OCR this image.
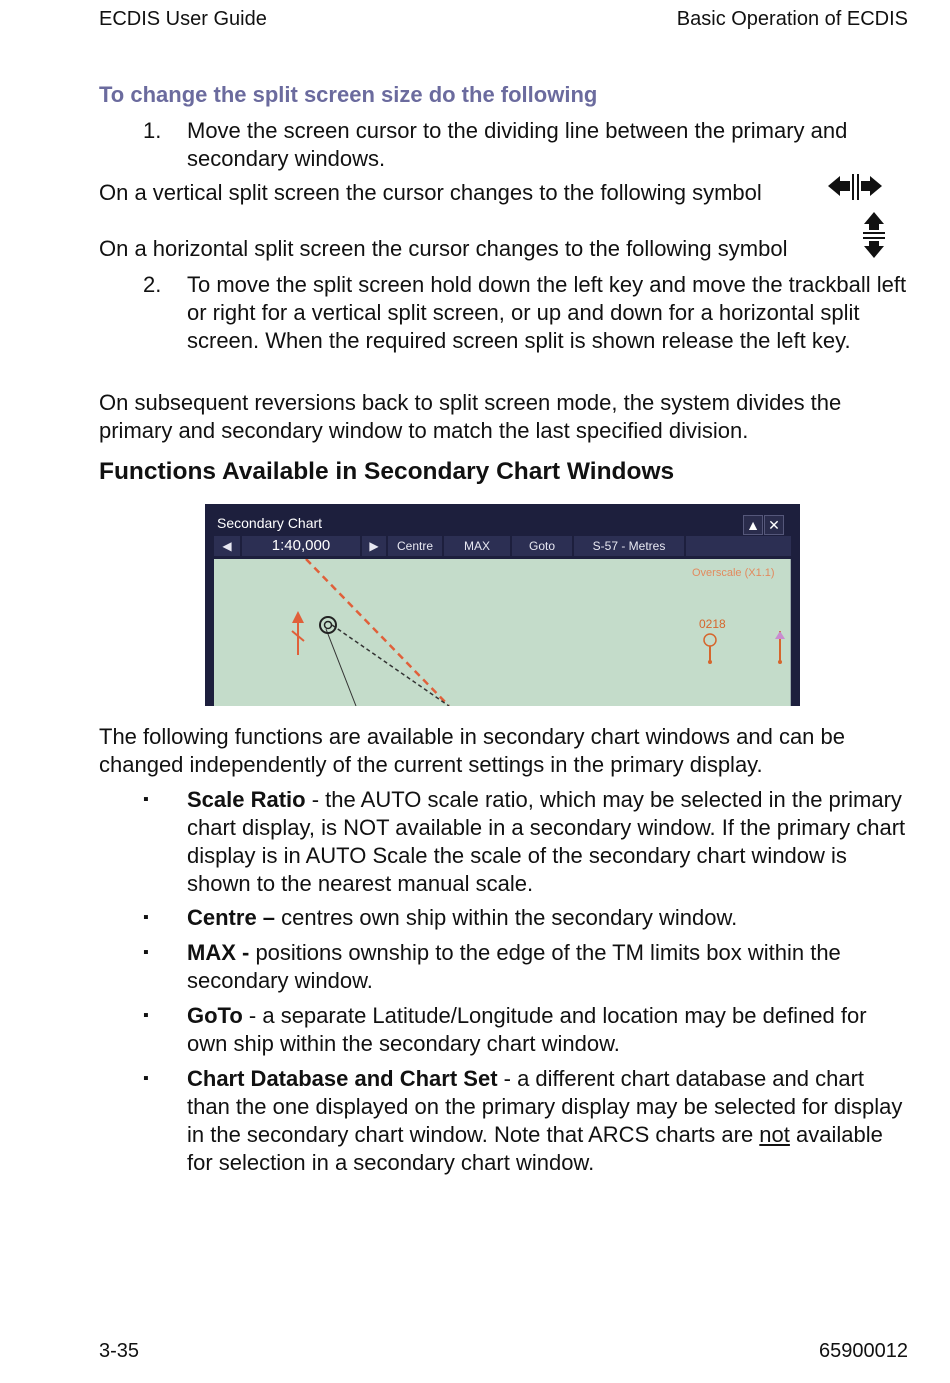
ECDIS User Guide	Basic Operation of ECDIS
To change the split screen size do the following
1.	Move the screen cursor to the dividing line between the primary and secondary windows.
On a vertical split screen the cursor changes to the following symbol
On a horizontal split screen the cursor changes to the following symbol
2.	To move the split screen hold down the left key and move the trackball left or right for a vertical split screen, or up and down for a horizontal split screen. When the required screen split is shown release the left key.
On subsequent reversions back to split screen mode, the system divides the primary and secondary window to match the last specified division.
Functions Available in Secondary Chart Windows
Secondary Chart	▲ ✕
◀	1:40,000	▶	Centre	MAX	Goto	S-57 - Metres
Overscale (X1.1)
0218
The following functions are available in secondary chart windows and can be changed independently of the current settings in the primary display.
▪ Scale Ratio - the AUTO scale ratio, which may be selected in the primary chart display, is NOT available in a secondary window. If the primary chart display is in AUTO Scale the scale of the secondary chart window is shown to the nearest manual scale.
▪ Centre – centres own ship within the secondary window.
▪ MAX - positions ownship to the edge of the TM limits box within the secondary window.
▪ GoTo - a separate Latitude/Longitude and location may be defined for own ship within the secondary chart window.
▪ Chart Database and Chart Set - a different chart database and chart than the one displayed on the primary display may be selected for display in the secondary chart window. Note that ARCS charts are not available for selection in a secondary chart window.
3-35	65900012
